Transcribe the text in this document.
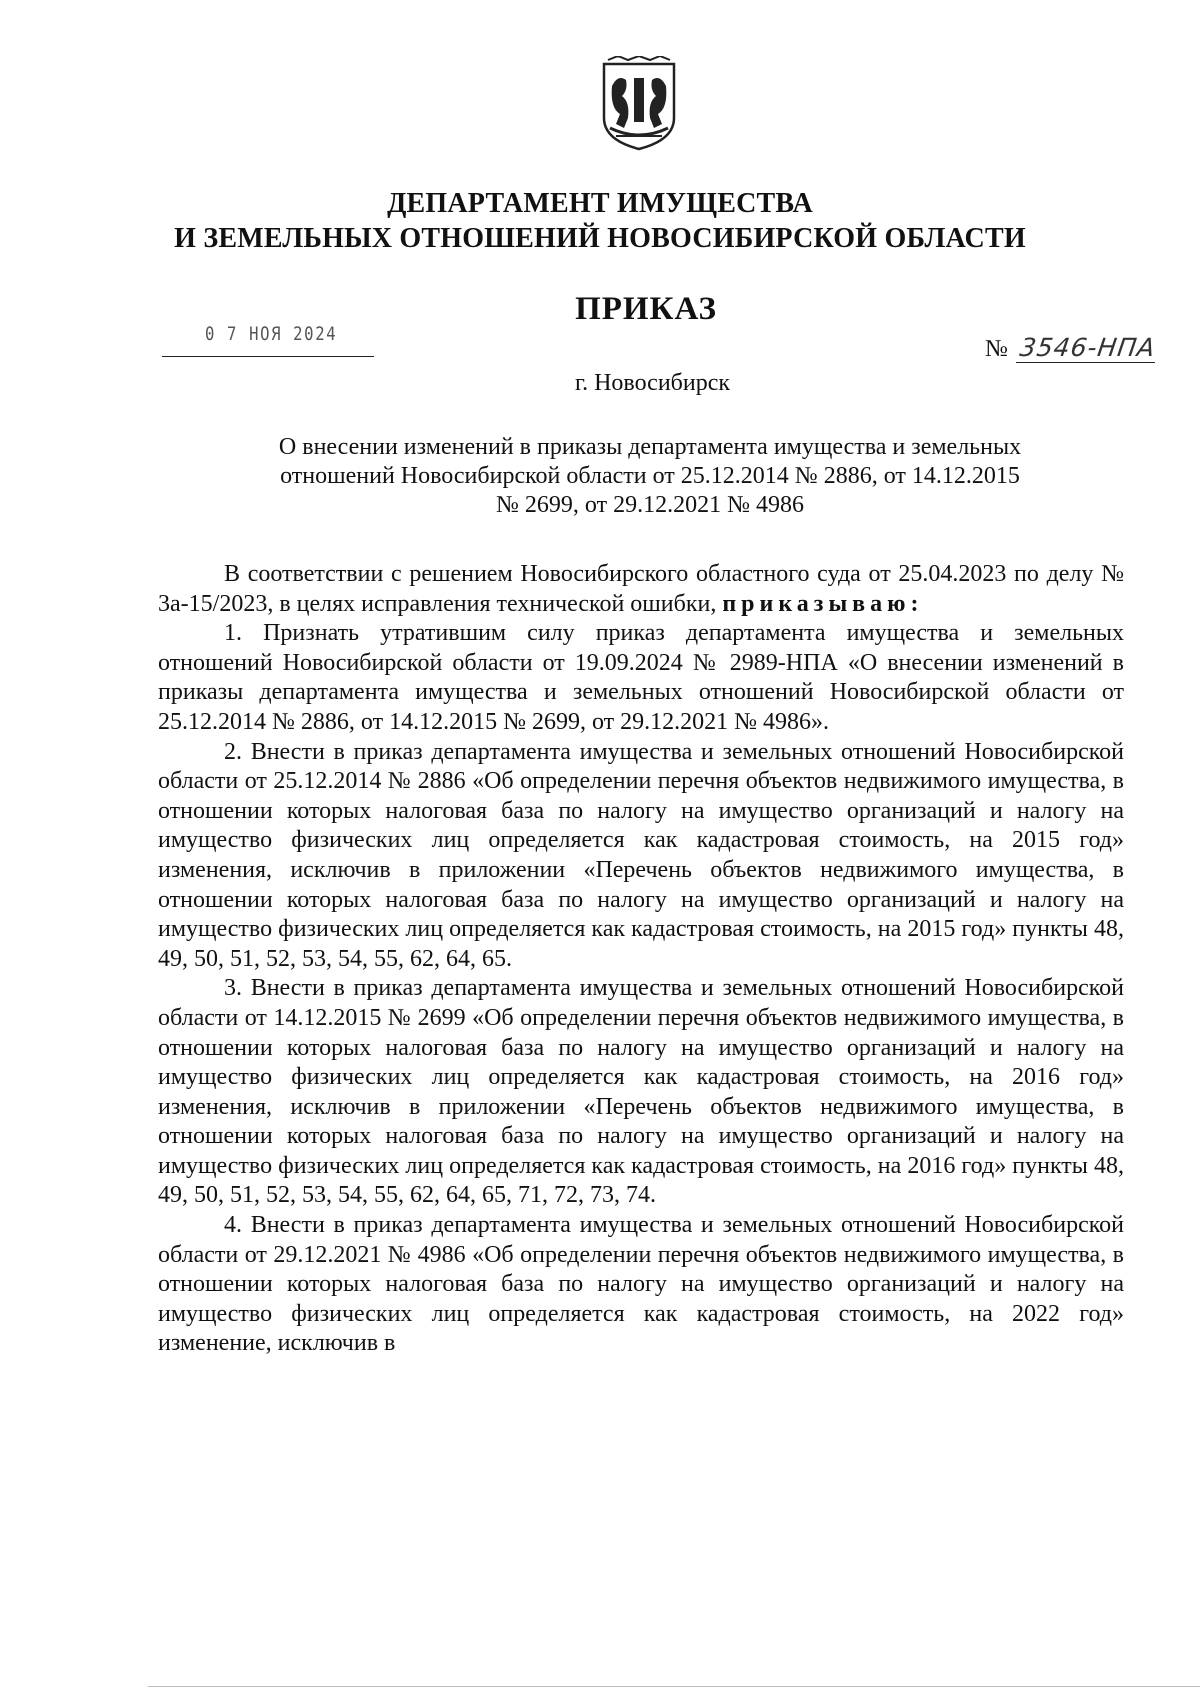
ДЕПАРТАМЕНТ ИМУЩЕСТВА
И ЗЕМЕЛЬНЫХ ОТНОШЕНИЙ НОВОСИБИРСКОЙ ОБЛАСТИ
ПРИКАЗ
0 7 НОЯ 2024
№ 3546-НПА
г. Новосибирск
О внесении изменений в приказы департамента имущества и земельных
отношений Новосибирской области от 25.12.2014 № 2886, от 14.12.2015
№ 2699, от 29.12.2021 № 4986

В соответствии с решением Новосибирского областного суда от 25.04.2023 по делу № 3а-15/2023, в целях исправления технической ошибки, приказываю:

1. Признать утратившим силу приказ департамента имущества и земельных отношений Новосибирской области от 19.09.2024 № 2989-НПА «О внесении изменений в приказы департамента имущества и земельных отношений Новосибирской области от 25.12.2014 № 2886, от 14.12.2015 № 2699, от 29.12.2021 № 4986».

2. Внести в приказ департамента имущества и земельных отношений Новосибирской области от 25.12.2014 № 2886 «Об определении перечня объектов недвижимого имущества, в отношении которых налоговая база по налогу на имущество организаций и налогу на имущество физических лиц определяется как кадастровая стоимость, на 2015 год» изменения, исключив в приложении «Перечень объектов недвижимого имущества, в отношении которых налоговая база по налогу на имущество организаций и налогу на имущество физических лиц определяется как кадастровая стоимость, на 2015 год» пункты 48, 49, 50, 51, 52, 53, 54, 55, 62, 64, 65.

3. Внести в приказ департамента имущества и земельных отношений Новосибирской области от 14.12.2015 № 2699 «Об определении перечня объектов недвижимого имущества, в отношении которых налоговая база по налогу на имущество организаций и налогу на имущество физических лиц определяется как кадастровая стоимость, на 2016 год» изменения, исключив в приложении «Перечень объектов недвижимого имущества, в отношении которых налоговая база по налогу на имущество организаций и налогу на имущество физических лиц определяется как кадастровая стоимость, на 2016 год» пункты 48, 49, 50, 51, 52, 53, 54, 55, 62, 64, 65, 71, 72, 73, 74.

4. Внести в приказ департамента имущества и земельных отношений Новосибирской области от 29.12.2021 № 4986 «Об определении перечня объектов недвижимого имущества, в отношении которых налоговая база по налогу на имущество организаций и налогу на имущество физических лиц определяется как кадастровая стоимость, на 2022 год» изменение, исключив в
